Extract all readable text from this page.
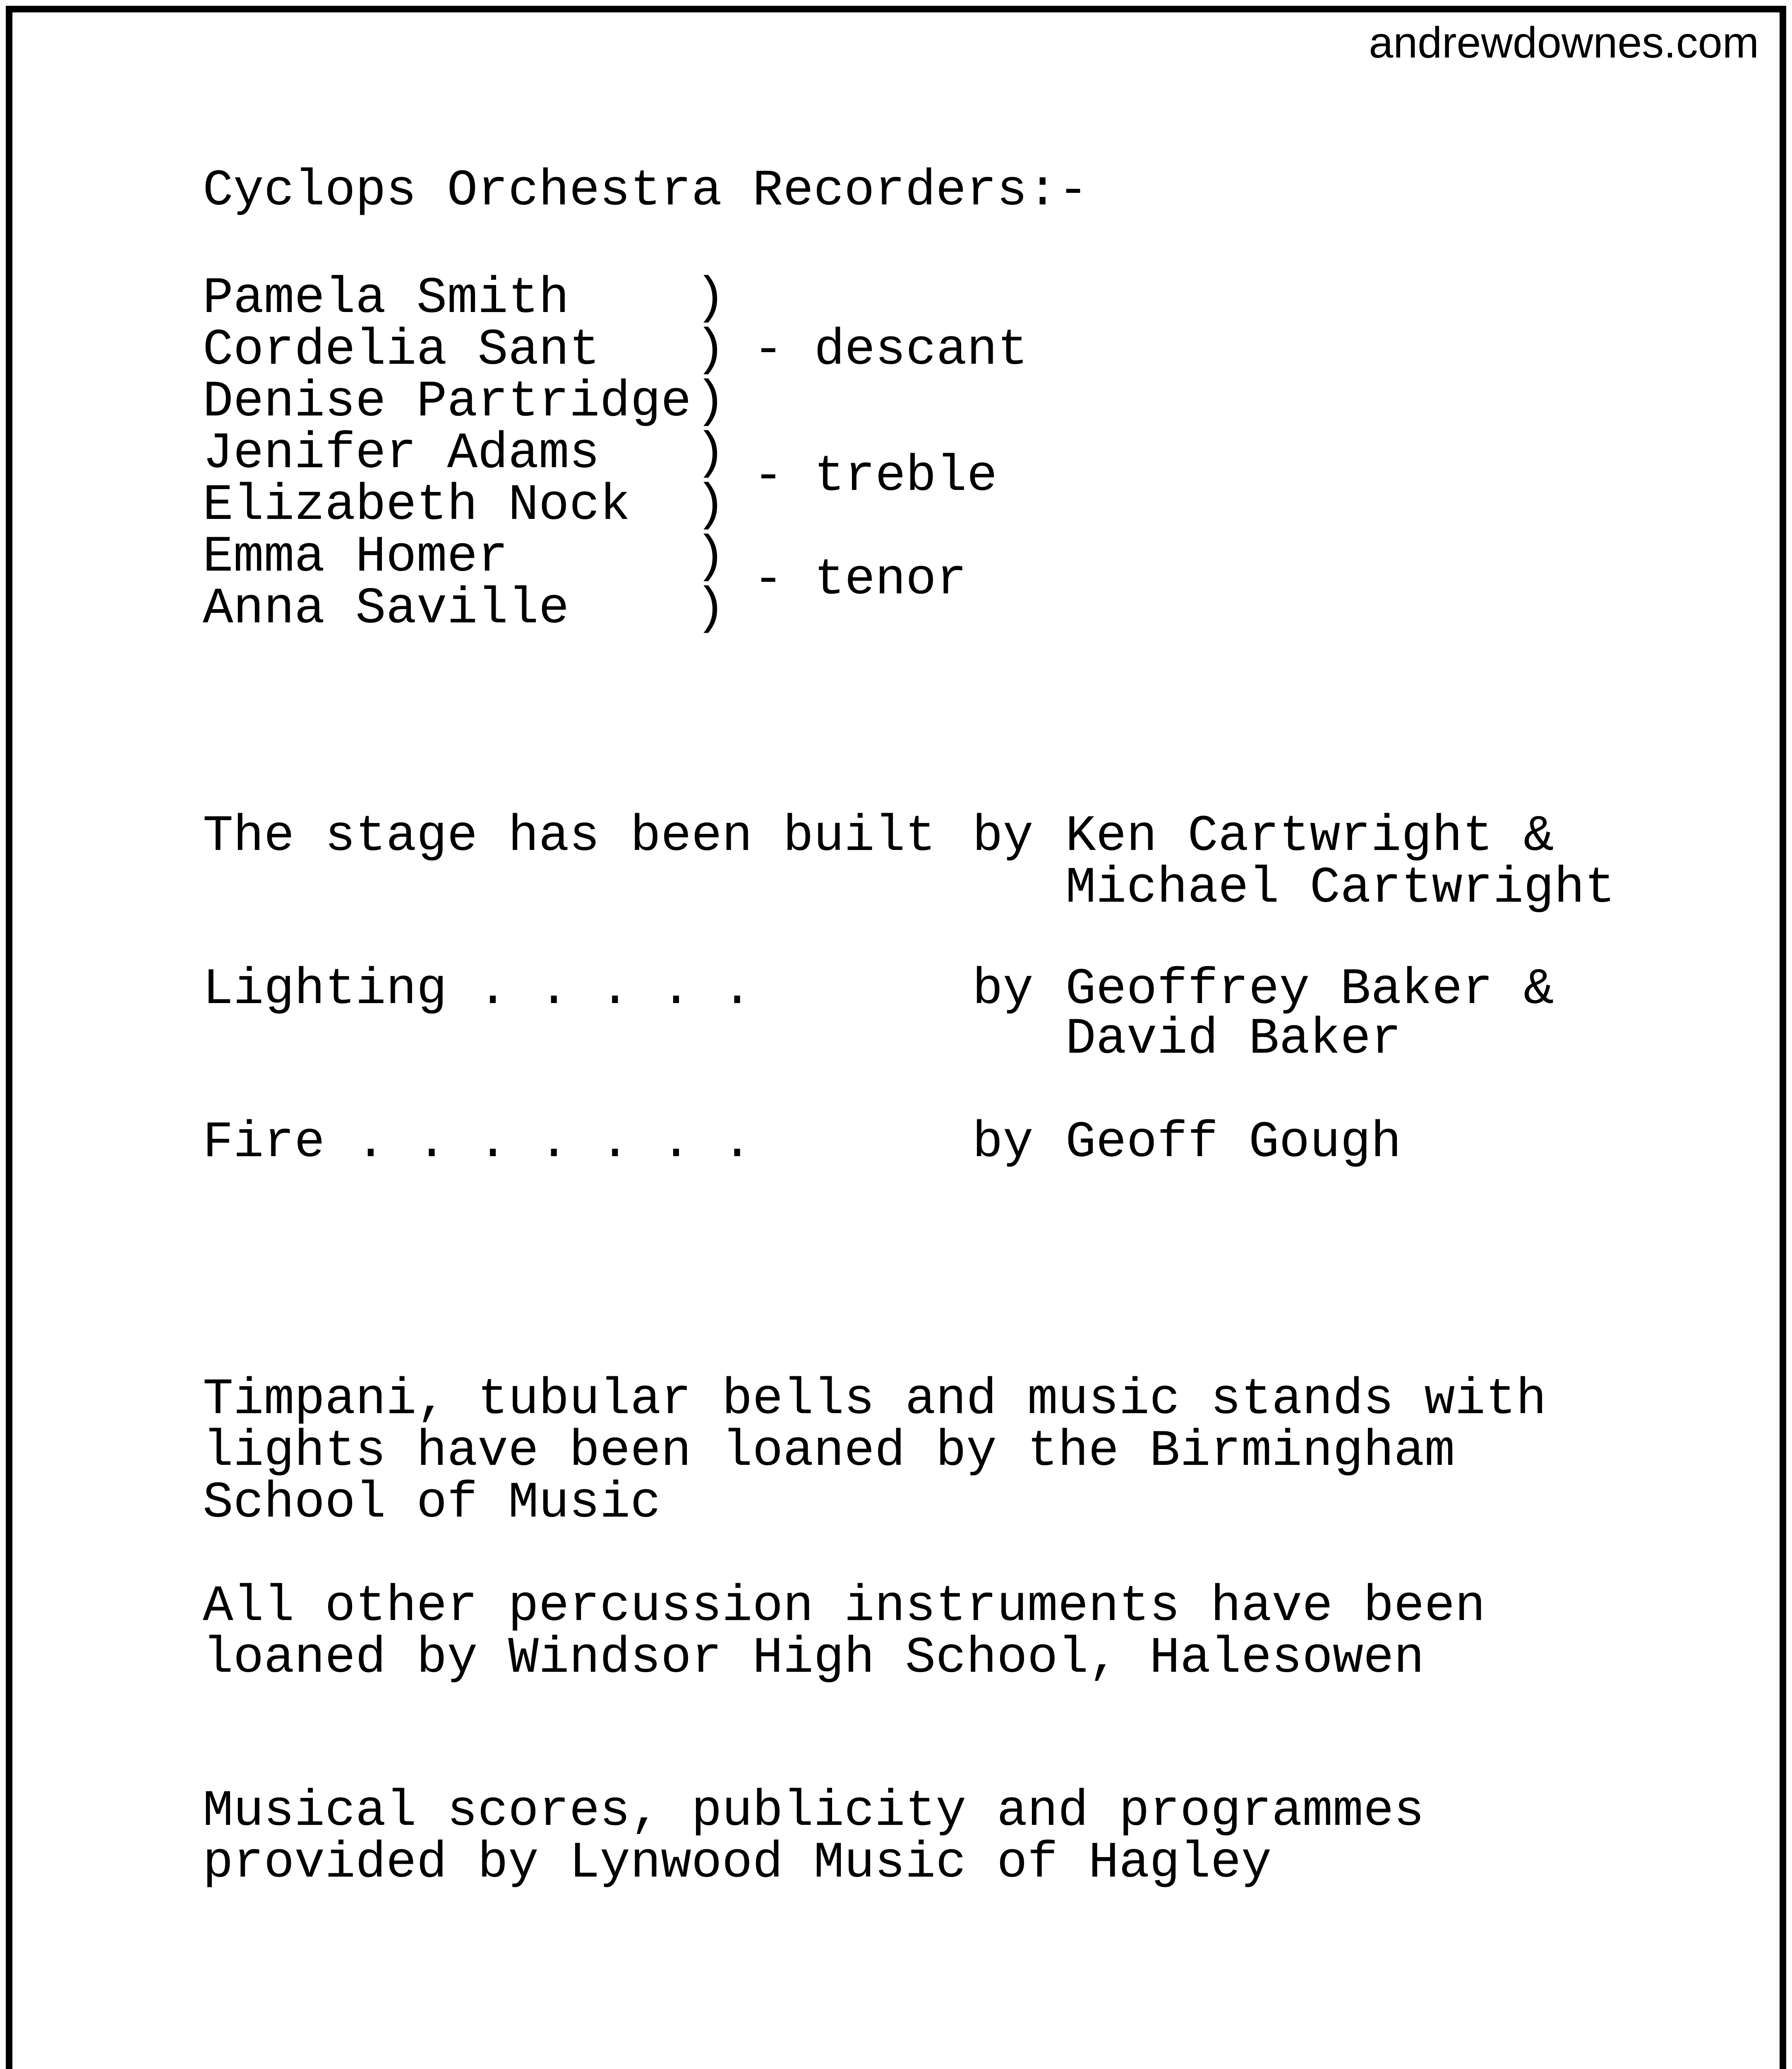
andrewdownes.com
Cyclops Orchestra Recorders:-
Pamela Smith
Cordelia Sant
Denise Partridge
Jenifer Adams
Elizabeth Nock
Emma Homer
Anna Saville
)
)
)
)
)
)
)
- descant
- treble
- tenor
The stage has been built by Ken Cartwright &
Michael Cartwright
Lighting . . . . .	by Geoffrey Baker &
David Baker
Fire . . . . . . .	by Geoff Gough
Timpani, tubular bells and music stands with
lights have been loaned by the Birmingham
School of Music
All other percussion instruments have been
loaned by Windsor High School, Halesowen
Musical scores, publicity and programmes
provided by Lynwood Music of Hagley
